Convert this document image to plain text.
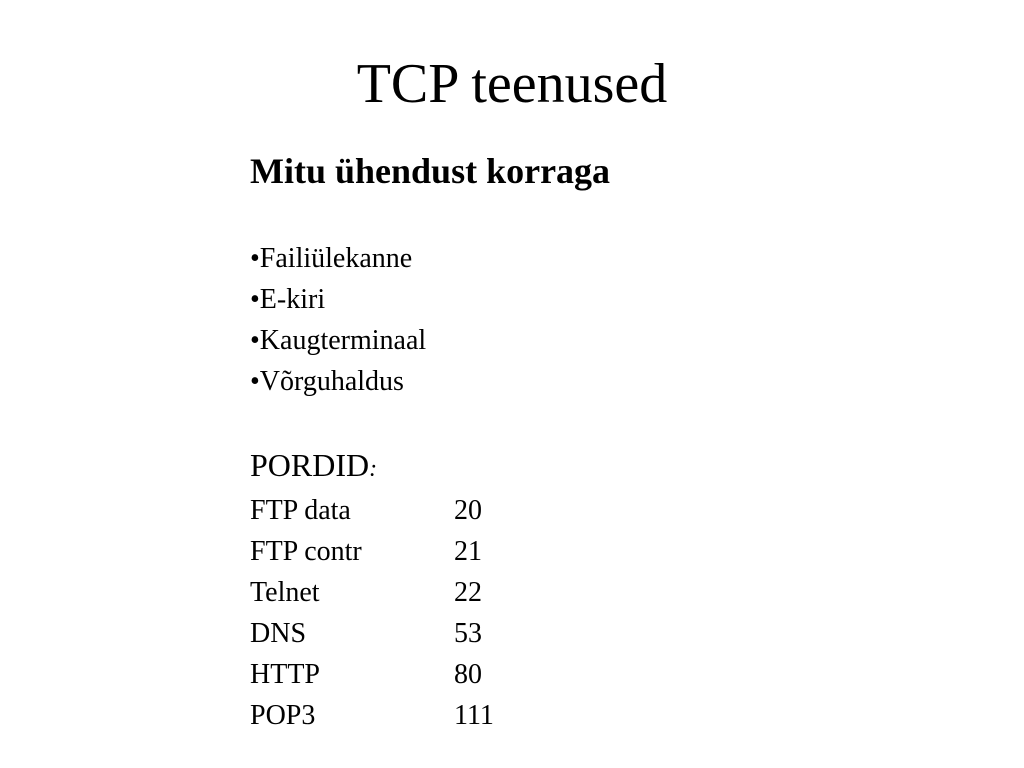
TCP teenused
Mitu ühendust korraga
•Failiülekanne
•E-kiri
•Kaugterminaal
•Võrguhaldus
PORDID:
FTP data	20
FTP contr	21
Telnet	22
DNS	53
HTTP	80
POP3	111
